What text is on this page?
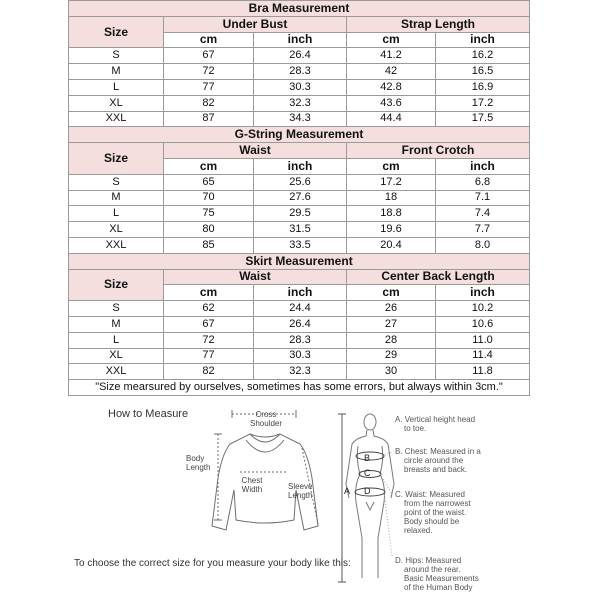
Bra Measurement				
Size	Under Bust		Strap Length	
	cm	inch	cm	inch
S	67	26.4	41.2	16.2
M	72	28.3	42	16.5
L	77	30.3	42.8	16.9
XL	82	32.3	43.6	17.2
XXL	87	34.3	44.4	17.5
G-String Measurement				
Size	Waist		Front Crotch	
	cm	inch	cm	inch
S	65	25.6	17.2	6.8
M	70	27.6	18	7.1
L	75	29.5	18.8	7.4
XL	80	31.5	19.6	7.7
XXL	85	33.5	20.4	8.0
Skirt Measurement				
Size	Waist		Center Back Length	
	cm	inch	cm	inch
S	62	24.4	26	10.2
M	67	26.4	27	10.6
L	72	28.3	28	11.0
XL	77	30.3	29	11.4
XXL	82	32.3	30	11.8
"Size mearsured by ourselves, sometimes has some errors, but always within 3cm."				
How to Measure	Cross
Shoulder
Body
Length
Chest
Width	Sleeve
Length
B
C
A D
A. Vertical height head
to toe.
B. Chest: Measured in a
circle around the
breasts and back.
C. Waist: Measured
from the narrowest
point of the waist.
Body should be
relaxed.
D. Hips: Measured
around the rear.
Basic Measurements
of the Human Body
To choose the correct size for you measure your body like this:
